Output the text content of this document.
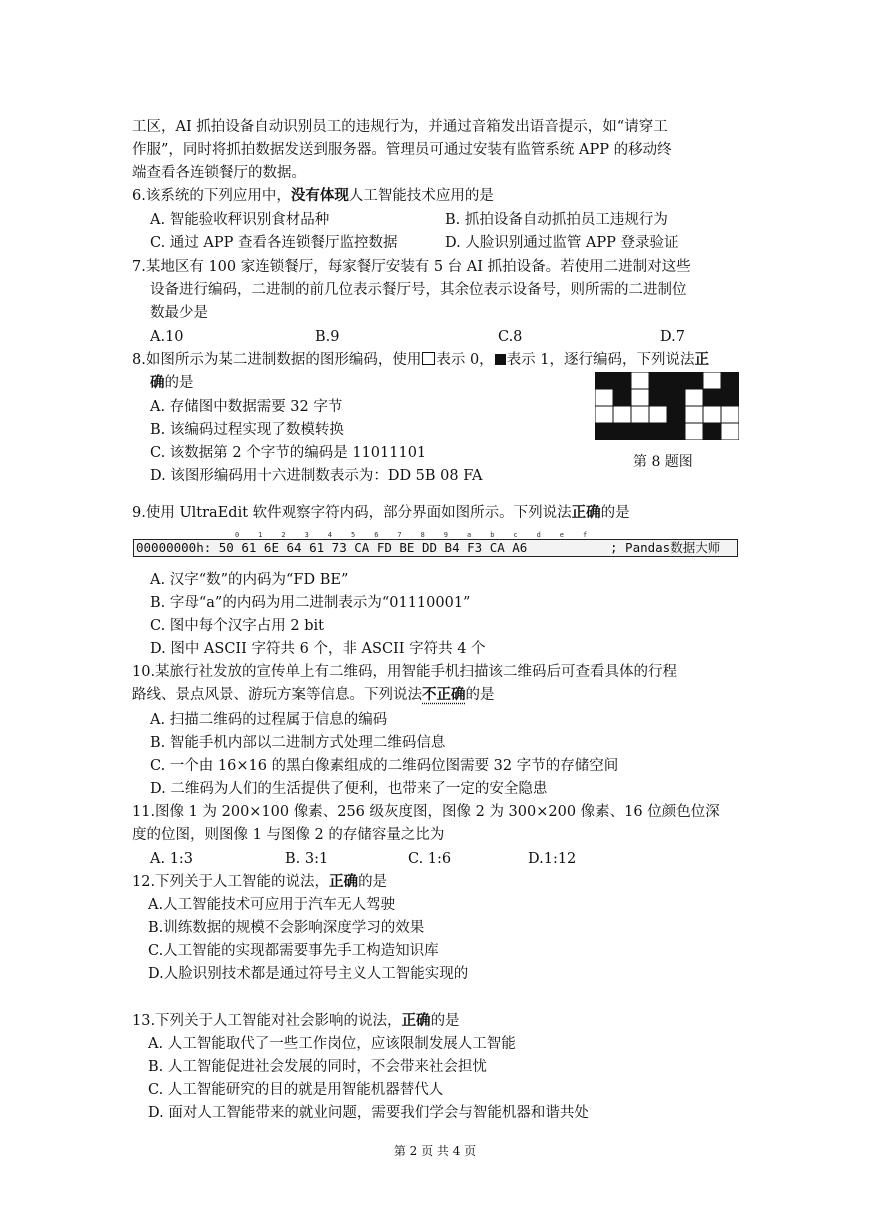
工区，AI 抓拍设备自动识别员工的违规行为，并通过音箱发出语音提示，如“请穿工
作服”，同时将抓拍数据发送到服务器。管理员可通过安装有监管系统 APP 的移动终
端查看各连锁餐厅的数据。
6.该系统的下列应用中，没有体现人工智能技术应用的是
A. 智能验收秤识别食材品种	B. 抓拍设备自动抓拍员工违规行为
C. 通过 APP 查看各连锁餐厅监控数据	D. 人脸识别通过监管 APP 登录验证
7.某地区有 100 家连锁餐厅，每家餐厅安装有 5 台 AI 抓拍设备。若使用二进制对这些
设备进行编码，二进制的前几位表示餐厅号，其余位表示设备号，则所需的二进制位
数最少是
A.10	B.9	C.8	D.7
8.如图所示为某二进制数据的图形编码，使用 表示 0， 表示 1，逐行编码，下列说法正
确的是
A. 存储图中数据需要 32 字节
B. 该编码过程实现了数模转换
C. 该数据第 2 个字节的编码是 11011101
D. 该图形编码用十六进制数表示为：DD 5B 08 FA
第 8 题图
9.使用 UltraEdit 软件观察字符内码，部分界面如图所示。下列说法正确的是
0	1	2	3	4	5	6	7	8	9	a	b	c	d	e	f
00000000h: 50 61 6E 64 61 73 CA FD BE DD B4 F3 CA A6	; Pandas数据大师
A. 汉字“数”的内码为“FD BE”
B. 字母“a”的内码为用二进制表示为“01110001”
C. 图中每个汉字占用 2 bit
D. 图中 ASCII 字符共 6 个，非 ASCII 字符共 4 个
10.某旅行社发放的宣传单上有二维码，用智能手机扫描该二维码后可查看具体的行程
路线、景点风景、游玩方案等信息。下列说法不正确的是
A. 扫描二维码的过程属于信息的编码
B. 智能手机内部以二进制方式处理二维码信息
C. 一个由 16×16 的黑白像素组成的二维码位图需要 32 字节的存储空间
D. 二维码为人们的生活提供了便利，也带来了一定的安全隐患
11.图像 1 为 200×100 像素、256 级灰度图，图像 2 为 300×200 像素、16 位颜色位深
度的位图，则图像 1 与图像 2 的存储容量之比为
A. 1:3	B. 3:1	C. 1:6	D.1:12
12.下列关于人工智能的说法，正确的是
A.人工智能技术可应用于汽车无人驾驶
B.训练数据的规模不会影响深度学习的效果
C.人工智能的实现都需要事先手工构造知识库
D.人脸识别技术都是通过符号主义人工智能实现的
13.下列关于人工智能对社会影响的说法，正确的是
A. 人工智能取代了一些工作岗位，应该限制发展人工智能
B. 人工智能促进社会发展的同时，不会带来社会担忧
C. 人工智能研究的目的就是用智能机器替代人
D. 面对人工智能带来的就业问题，需要我们学会与智能机器和谐共处
第 2 页 共 4 页
